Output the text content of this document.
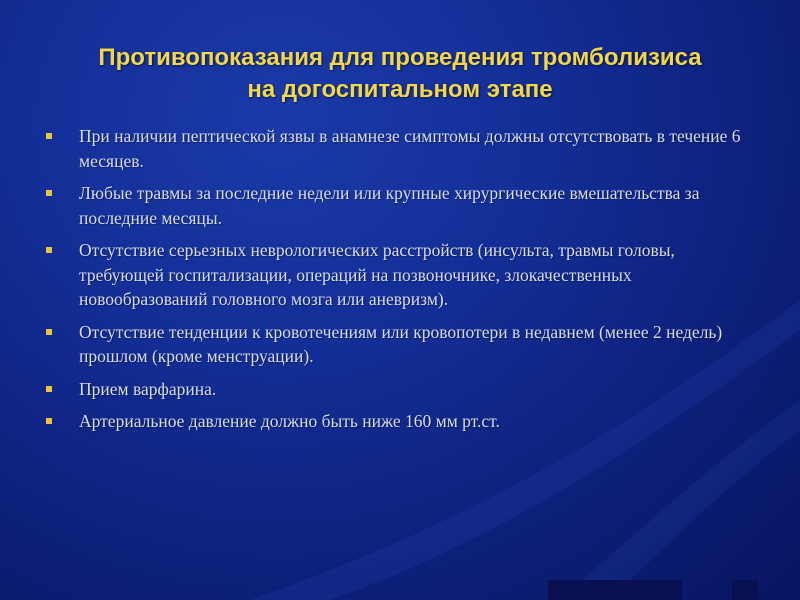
Противопоказания для проведения тромболизиса
на догоспитальном этапе
При наличии пептической язвы в анамнезе симптомы должны отсутствовать в течение 6 месяцев.
Любые травмы за последние недели или крупные хирургические вмешательства за последние месяцы.
Отсутствие серьезных неврологических расстройств (инсульта, травмы головы, требующей госпитализации, операций на позвоночнике, злокачественных новообразований головного мозга или аневризм).
Отсутствие тенденции к кровотечениям или кровопотери в недавнем (менее 2 недель) прошлом (кроме менструации).
Прием варфарина.
Артериальное давление должно быть ниже 160 мм рт.ст.
